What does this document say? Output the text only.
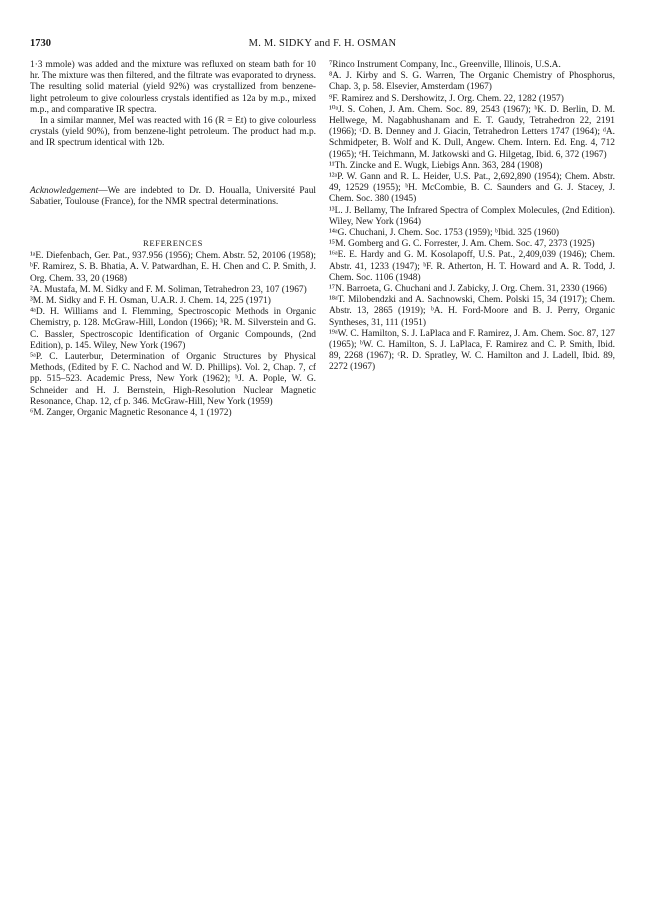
1730	M. M. SIDKY and F. H. OSMAN

1·3 mmole) was added and the mixture was refluxed on steam bath for 10 hr. The mixture was then filtered, and the filtrate was evaporated to dryness. The resulting solid material (yield 92%) was crystallized from benzene-light petroleum to give colourless crystals identified as 12a by m.p., mixed m.p., and comparative IR spectra.

In a similar manner, MeI was reacted with 16 (R = Et) to give colourless crystals (yield 90%), from benzene-light petroleum. The product had m.p. and IR spectrum identical with 12b.

Acknowledgement—We are indebted to Dr. D. Houalla, Université Paul Sabatier, Toulouse (France), for the NMR spectral determinations.

REFERENCES

¹ᵃE. Diefenbach, Ger. Pat., 937.956 (1956); Chem. Abstr. 52, 20106 (1958); ᵇF. Ramirez, S. B. Bhatia, A. V. Patwardhan, E. H. Chen and C. P. Smith, J. Org. Chem. 33, 20 (1968)

²A. Mustafa, M. M. Sidky and F. M. Soliman, Tetrahedron 23, 107 (1967)

³M. M. Sidky and F. H. Osman, U.A.R. J. Chem. 14, 225 (1971)

⁴ᵃD. H. Williams and I. Flemming, Spectroscopic Methods in Organic Chemistry, p. 128. McGraw-Hill, London (1966); ᵇR. M. Silverstein and G. C. Bassler, Spectroscopic Identification of Organic Compounds, (2nd Edition), p. 145. Wiley, New York (1967)

⁵ᵃP. C. Lauterbur, Determination of Organic Structures by Physical Methods, (Edited by F. C. Nachod and W. D. Phillips). Vol. 2, Chap. 7, cf pp. 515–523. Academic Press, New York (1962); ᵇJ. A. Pople, W. G. Schneider and H. J. Bernstein, High-Resolution Nuclear Magnetic Resonance, Chap. 12, cf p. 346. McGraw-Hill, New York (1959)

⁶M. Zanger, Organic Magnetic Resonance 4, 1 (1972)

⁷Rinco Instrument Company, Inc., Greenville, Illinois, U.S.A.

⁸A. J. Kirby and S. G. Warren, The Organic Chemistry of Phosphorus, Chap. 3, p. 58. Elsevier, Amsterdam (1967)

⁹F. Ramirez and S. Dershowitz, J. Org. Chem. 22, 1282 (1957)

¹⁰ᵃJ. S. Cohen, J. Am. Chem. Soc. 89, 2543 (1967); ᵇK. D. Berlin, D. M. Hellwege, M. Nagabhushanam and E. T. Gaudy, Tetrahedron 22, 2191 (1966); ᶜD. B. Denney and J. Giacin, Tetrahedron Letters 1747 (1964); ᵈA. Schmidpeter, B. Wolf and K. Dull, Angew. Chem. Intern. Ed. Eng. 4, 712 (1965); ᵉH. Teichmann, M. Jatkowski and G. Hilgetag, Ibid. 6, 372 (1967)

¹¹Th. Zincke and E. Wugk, Liebigs Ann. 363, 284 (1908)

¹²ᵃP. W. Gann and R. L. Heider, U.S. Pat., 2,692,890 (1954); Chem. Abstr. 49, 12529 (1955); ᵇH. McCombie, B. C. Saunders and G. J. Stacey, J. Chem. Soc. 380 (1945)

¹³L. J. Bellamy, The Infrared Spectra of Complex Molecules, (2nd Edition). Wiley, New York (1964)

¹⁴ᵃG. Chuchani, J. Chem. Soc. 1753 (1959); ᵇIbid. 325 (1960)

¹⁵M. Gomberg and G. C. Forrester, J. Am. Chem. Soc. 47, 2373 (1925)

¹⁶ᵃE. E. Hardy and G. M. Kosolapoff, U.S. Pat., 2,409,039 (1946); Chem. Abstr. 41, 1233 (1947); ᵇF. R. Atherton, H. T. Howard and A. R. Todd, J. Chem. Soc. 1106 (1948)

¹⁷N. Barroeta, G. Chuchani and J. Zabicky, J. Org. Chem. 31, 2330 (1966)

¹⁸ᵃT. Milobendzki and A. Sachnowski, Chem. Polski 15, 34 (1917); Chem. Abstr. 13, 2865 (1919); ᵇA. H. Ford-Moore and B. J. Perry, Organic Syntheses, 31, 111 (1951)

¹⁹ᵃW. C. Hamilton, S. J. LaPlaca and F. Ramirez, J. Am. Chem. Soc. 87, 127 (1965); ᵇW. C. Hamilton, S. J. LaPlaca, F. Ramirez and C. P. Smith, Ibid. 89, 2268 (1967); ᶜR. D. Spratley, W. C. Hamilton and J. Ladell, Ibid. 89, 2272 (1967)
